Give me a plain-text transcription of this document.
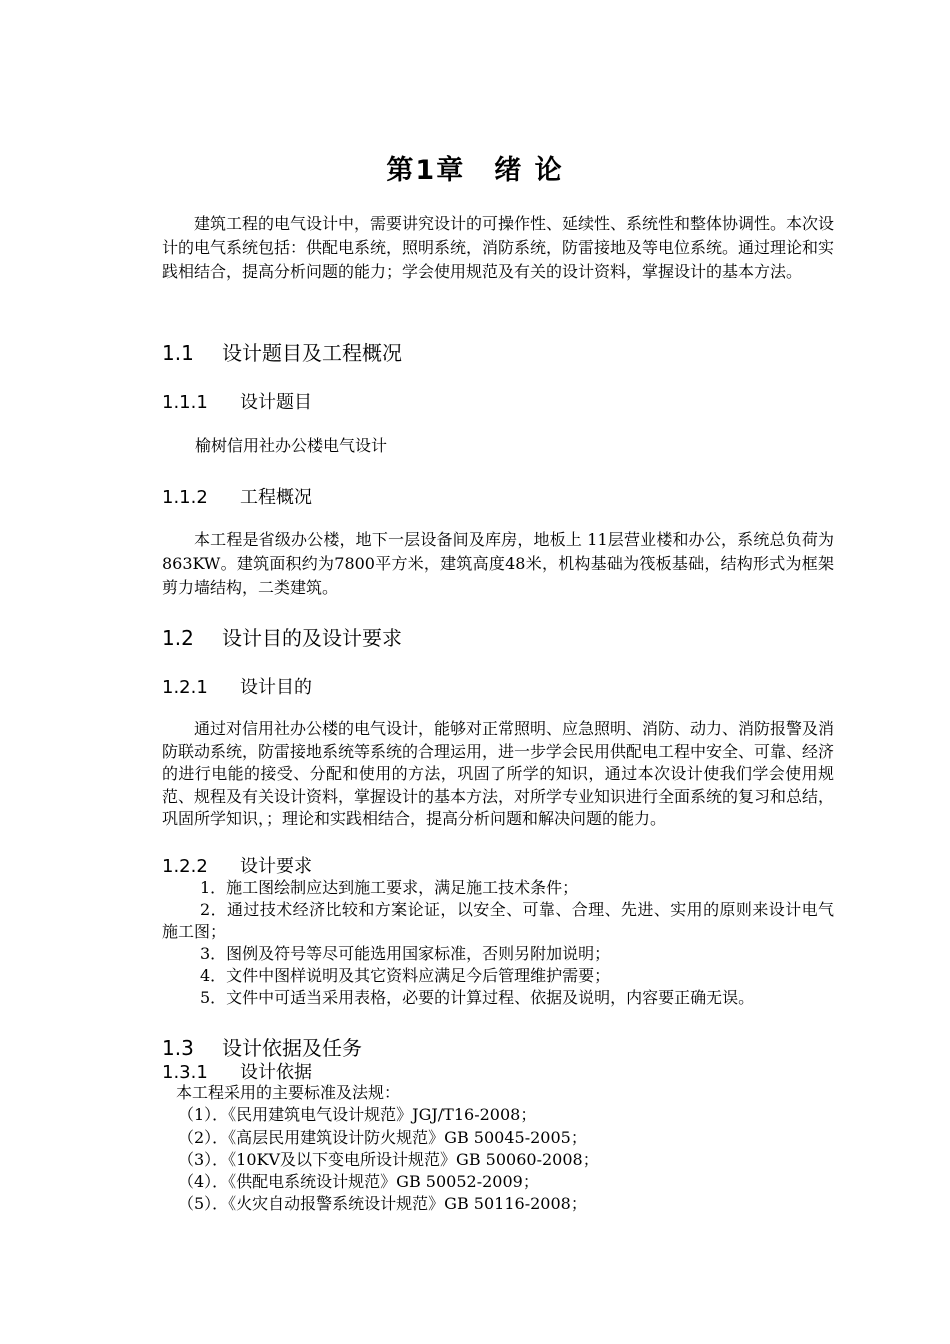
第1章　绪 论

建筑工程的电气设计中，需要讲究设计的可操作性、延续性、系统性和整体协调性。本次设计的电气系统包括：供配电系统，照明系统，消防系统，防雷接地及等电位系统。通过理论和实践相结合，提高分析问题的能力；学会使用规范及有关的设计资料，掌握设计的基本方法。

1.1 设计题目及工程概况
1.1.1 设计题目

榆树信用社办公楼电气设计

1.1.2 工程概况

本工程是省级办公楼，地下一层设备间及库房，地板上 11层营业楼和办公，系统总负荷为863KW。建筑面积约为7800平方米，建筑高度48米，机构基础为筏板基础，结构形式为框架剪力墙结构，二类建筑。

1.2 设计目的及设计要求
1.2.1 设计目的

通过对信用社办公楼的电气设计，能够对正常照明、应急照明、消防、动力、消防报警及消防联动系统，防雷接地系统等系统的合理运用，进一步学会民用供配电工程中安全、可靠、经济的进行电能的接受、分配和使用的方法，巩固了所学的知识，通过本次设计使我们学会使用规范、规程及有关设计资料，掌握设计的基本方法，对所学专业知识进行全面系统的复习和总结，巩固所学知识，；理论和实践相结合，提高分析问题和解决问题的能力。

1.2.2 设计要求

1．施工图绘制应达到施工要求，满足施工技术条件；

2．通过技术经济比较和方案论证，以安全、可靠、合理、先进、实用的原则来设计电气施工图；

3．图例及符号等尽可能选用国家标准，否则另附加说明；

4．文件中图样说明及其它资料应满足今后管理维护需要；

5．文件中可适当采用表格，必要的计算过程、依据及说明，内容要正确无误。

1.3 设计依据及任务
1.3.1 设计依据

本工程采用的主要标准及法规：

（1）．《民用建筑电气设计规范》JGJ/T16-2008；

（2）．《高层民用建筑设计防火规范》GB 50045-2005；

（3）．《10KV及以下变电所设计规范》GB 50060-2008；

（4）．《供配电系统设计规范》GB 50052-2009；

（5）．《火灾自动报警系统设计规范》GB 50116-2008；
